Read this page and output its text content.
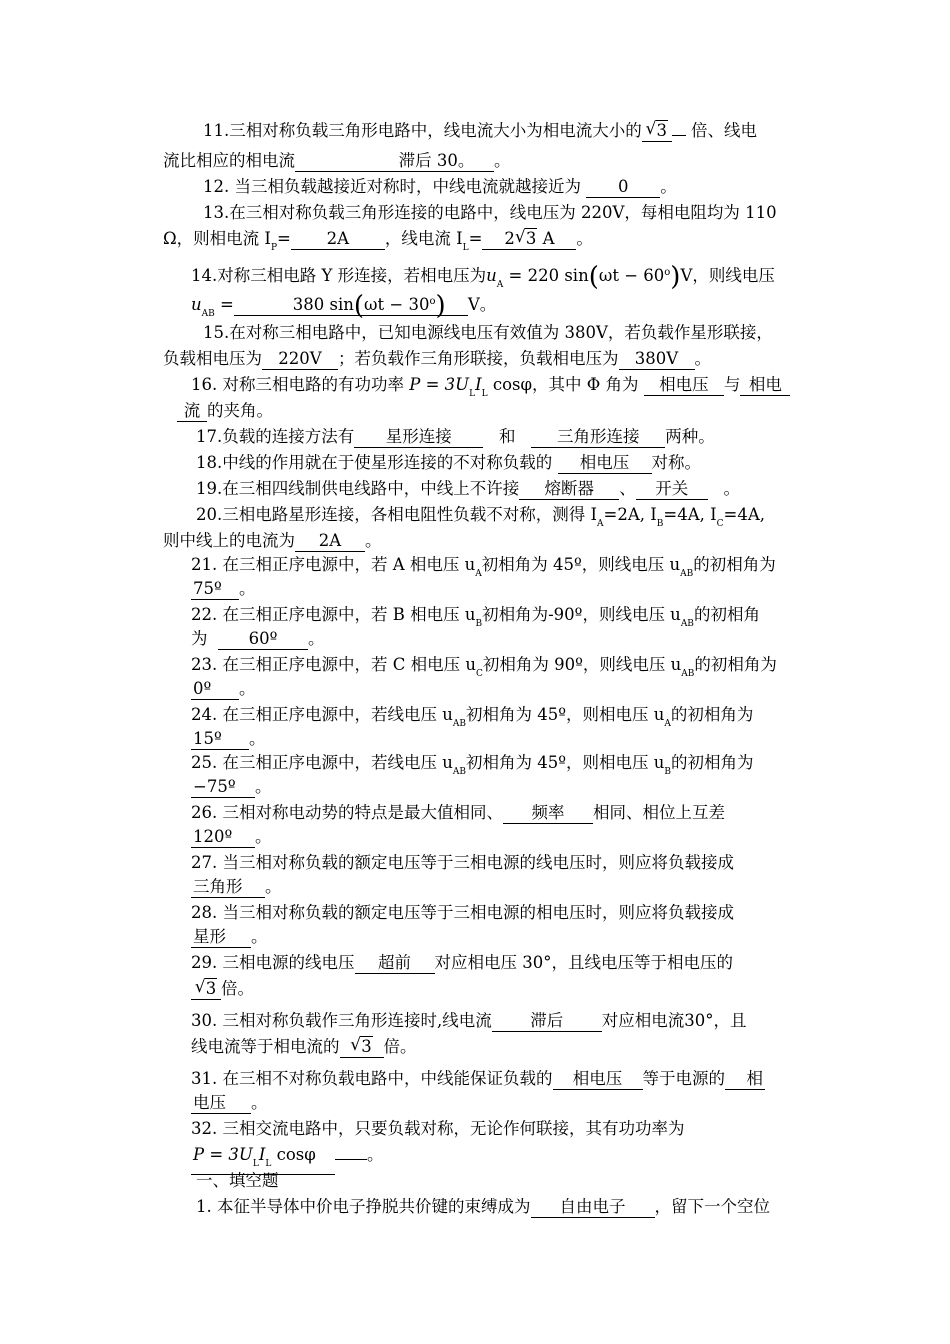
11.三相对称负载三角形电路中，线电流大小为相电流大小的 √ 3 倍、线电
流比相应的相电流	滞后 30。 。
12. 当三相负载越接近对称时，中线电流就越接近为 0 。
13.在三相对称负载三角形连接的电路中，线电压为 220V，每相电阻均为 110
Ω，则相电流 $I_P= 2A$ ，线电流 $I_L= 2$ √ 3 A 。
14.对称三相电路 Y 形连接，若相电压为$u_A = 220$ $\sin(\omega t - 60^o)V$，则线电压
$u_{AB}$ =	380 $\sin(\omega t - 30^o)$ V。
15.在对称三相电路中，已知电源线电压有效值为 380V，若负载作星形联接，
负载相电压为 220V ；若负载作三角形联接，负载相电压为 380V 。
16. 对称三相电路的有功功率 $P = 3U_LI_L$ cosφ，其中 Φ 角为 相电压 与 相电
流 的夹角。
17.负载的连接方法有 星形连接	和	三角形连接 两种。
18.中线的作用就在于使星形连接的不对称负载的 相电压 对称。
19.在三相四线制供电线路中，中线上不许接 熔断器 、 开关 。
20.三相电路星形连接，各相电阻性负载不对称，测得 $I_A=2A$, $I_B=4A$, $I_C=4A$,
则中线上的电流为 2A 。
21. 在三相正序电源中，若 A 相电压 $u_A$初相角为 45º，则线电压 $u_{AB}$的初相角为
75º 。
22. 在三相正序电源中，若 B 相电压 $u_B$初相角为-90º，则线电压 $u_{AB}$的初相角
为 60º 。
23. 在三相正序电源中，若 C 相电压 $u_C$初相角为 90º，则线电压 $u_{AB}$的初相角为
0º 。
24. 在三相正序电源中，若线电压 $u_{AB}$初相角为 45º，则相电压 $u_A$的初相角为
15º 。
25. 在三相正序电源中，若线电压 $u_{AB}$初相角为 45º，则相电压 $u_B$的初相角为
−75º 。
26. 三相对称电动势的特点是最大值相同、 频率 相同、相位上互差
120º 。
27. 当三相对称负载的额定电压等于三相电源的线电压时，则应将负载接成
三角形 。
28. 当三相对称负载的额定电压等于三相电源的相电压时，则应将负载接成
星形 。
29. 三相电源的线电压 超前 对应相电压 30°，且线电压等于相电压的
√ 3 倍。
30. 三相对称负载作三角形连接时,线电流 滞后 对应相电流30°，且
线电流等于相电流的 √ 3 倍。
31. 在三相不对称负载电路中，中线能保证负载的 相电压 等于电源的 相
电压 。
32. 三相交流电路中，只要负载对称，无论作何联接，其有功功率为
$P = 3U_LI_L$ cosφ	。
一、填空题
1. 本征半导体中价电子挣脱共价键的束缚成为 自由电子 ，留下一个空位
